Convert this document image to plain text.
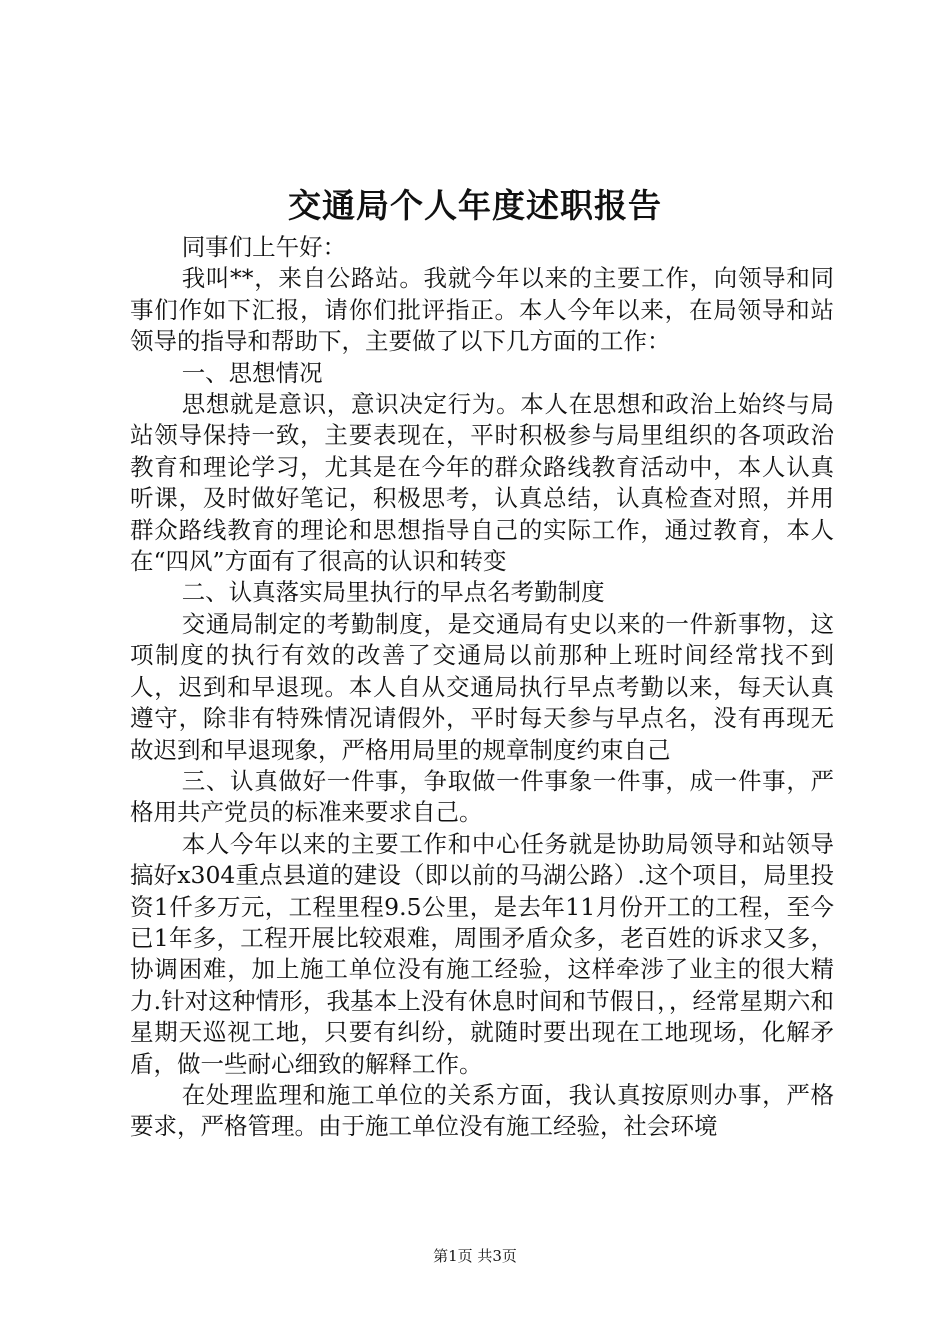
交通局个人年度述职报告

同事们上午好：

我叫**，来自公路站。我就今年以来的主要工作，向领导和同事们作如下汇报，请你们批评指正。本人今年以来，在局领导和站领导的指导和帮助下，主要做了以下几方面的工作：

一、思想情况

思想就是意识，意识决定行为。本人在思想和政治上始终与局站领导保持一致，主要表现在，平时积极参与局里组织的各项政治教育和理论学习，尤其是在今年的群众路线教育活动中，本人认真听课，及时做好笔记，积极思考，认真总结，认真检查对照，并用群众路线教育的理论和思想指导自己的实际工作，通过教育，本人在“四风”方面有了很高的认识和转变

二、认真落实局里执行的早点名考勤制度

交通局制定的考勤制度，是交通局有史以来的一件新事物，这项制度的执行有效的改善了交通局以前那种上班时间经常找不到人，迟到和早退现。本人自从交通局执行早点考勤以来，每天认真遵守，除非有特殊情况请假外，平时每天参与早点名，没有再现无故迟到和早退现象，严格用局里的规章制度约束自己

三、认真做好一件事，争取做一件事象一件事，成一件事，严格用共产党员的标准来要求自己。

本人今年以来的主要工作和中心任务就是协助局领导和站领导搞好x304重点县道的建设（即以前的马湖公路）.这个项目，局里投资1仟多万元，工程里程9.5公里，是去年11月份开工的工程，至今已1年多，工程开展比较艰难，周围矛盾众多，老百姓的诉求又多，协调困难，加上施工单位没有施工经验，这样牵涉了业主的很大精力.针对这种情形，我基本上没有休息时间和节假日，，经常星期六和星期天巡视工地，只要有纠纷，就随时要出现在工地现场，化解矛盾，做一些耐心细致的解释工作。

在处理监理和施工单位的关系方面，我认真按原则办事，严格要求，严格管理。由于施工单位没有施工经验，社会环境

第1页 共3页
